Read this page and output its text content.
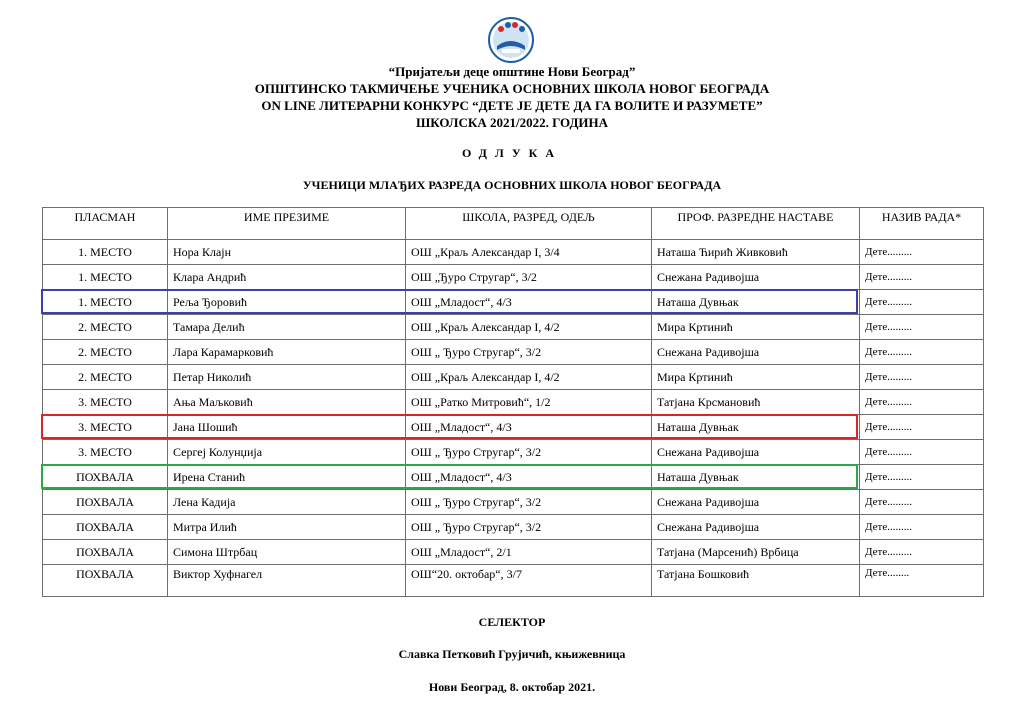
“Пријатељи деце општине Нови Београд”
ОПШТИНСКО ТАКМИЧЕЊЕ УЧЕНИКА ОСНОВНИХ ШКОЛА НОВОГ БЕОГРАДА
ON LINE ЛИТЕРАРНИ КОНКУРС “ДЕТЕ ЈЕ ДЕТЕ ДА ГА ВОЛИТЕ И РАЗУМЕТЕ”
ШКОЛСКА 2021/2022. ГОДИНА
ОДЛУКА
УЧЕНИЦИ МЛАЂИХ РАЗРЕДА ОСНОВНИХ ШКОЛА НОВОГ БЕОГРАДА
ПЛАСМАН	ИМЕ ПРЕЗИМЕ	ШКОЛА, РАЗРЕД, ОДЕЉ	ПРОФ. РАЗРЕДНЕ НАСТАВЕ	НАЗИВ РАДА*
1. МЕСТО	Нора Клајн	ОШ „Краљ Александар I, 3/4	Наташа Ћирић Живковић	Дете.........
1. МЕСТО	Клара Андрић	ОШ „Ђуро Стругар“, 3/2	Снежана Радивојша	Дете.........
1. МЕСТО	Реља Ђоровић	ОШ „Младост“, 4/3	Наташа Дувњак	Дете.........
2. МЕСТО	Тамара Делић	ОШ „Краљ Александар I, 4/2	Мира Кртинић	Дете.........
2. МЕСТО	Лара Карамарковић	ОШ „ Ђуро Стругар“, 3/2	Снежана Радивојша	Дете.........
2. МЕСТО	Петар Николић	ОШ „Краљ Александар I, 4/2	Мира Кртинић	Дете.........
3. МЕСТО	Ања Маљковић	ОШ „Ратко Митровић“, 1/2	Татјана Крсмановић	Дете.........
3. МЕСТО	Јана Шошић	ОШ „Младост“, 4/3	Наташа Дувњак	Дете.........
3. МЕСТО	Сергеј Колунџија	ОШ „ Ђуро Стругар“, 3/2	Снежана Радивојша	Дете.........
ПОХВАЛА	Ирена Станић	ОШ „Младост“, 4/3	Наташа Дувњак	Дете.........
ПОХВАЛА	Лена Кадија	ОШ „ Ђуро Стругар“, 3/2	Снежана Радивојша	Дете.........
ПОХВАЛА	Митра Илић	ОШ „ Ђуро Стругар“, 3/2	Снежана Радивојша	Дете.........
ПОХВАЛА	Симона Штрбац	ОШ „Младост“, 2/1	Татјана (Марсенић) Врбица	Дете.........
ПОХВАЛА	Виктор Хуфнагел	ОШ“20. октобар“, 3/7	Татјана Бошковић	Дете........
СЕЛЕКТОР
Славка Петковић Грујичић, књижевница
Нови Београд, 8. октобар 2021.
